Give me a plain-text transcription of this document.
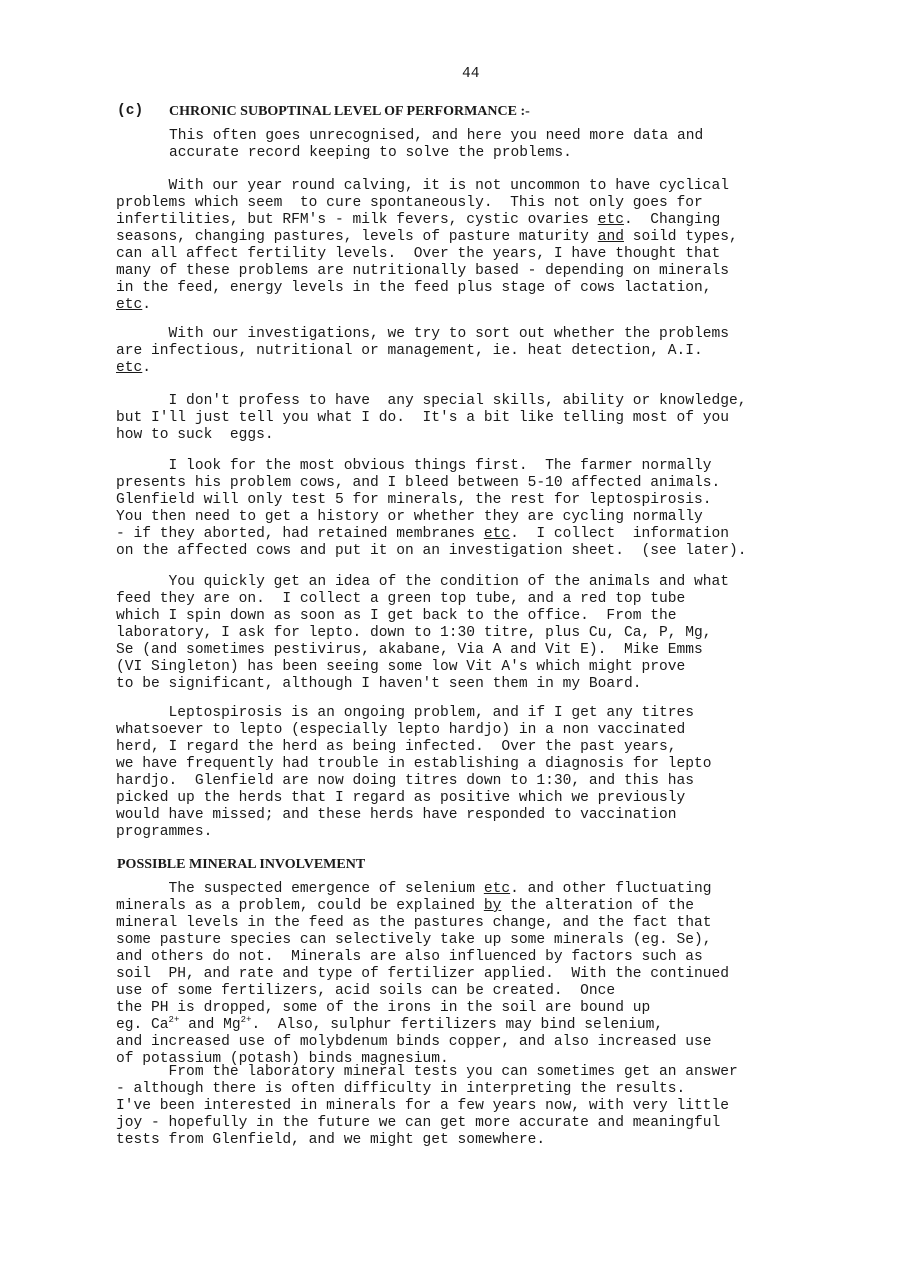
44
(c) CHRONIC SUBOPTINAL LEVEL OF PERFORMANCE :-
This often goes unrecognised, and here you need more data and
accurate record keeping to solve the problems.
With our year round calving, it is not uncommon to have cyclical
problems which seem  to cure spontaneously.  This not only goes for
infertilities, but RFM's - milk fevers, cystic ovaries etc.  Changing
seasons, changing pastures, levels of pasture maturity and soild types,
can all affect fertility levels.  Over the years, I have thought that
many of these problems are nutritionally based - depending on minerals
in the feed, energy levels in the feed plus stage of cows lactation,
etc.
With our investigations, we try to sort out whether the problems
are infectious, nutritional or management, ie. heat detection, A.I.
etc.
I don't profess to have  any special skills, ability or knowledge,
but I'll just tell you what I do.  It's a bit like telling most of you
how to suck  eggs.
I look for the most obvious things first.  The farmer normally
presents his problem cows, and I bleed between 5-10 affected animals.
Glenfield will only test 5 for minerals, the rest for leptospirosis.
You then need to get a history or whether they are cycling normally
- if they aborted, had retained membranes etc.  I collect  information
on the affected cows and put it on an investigation sheet.  (see later).
You quickly get an idea of the condition of the animals and what
feed they are on.  I collect a green top tube, and a red top tube
which I spin down as soon as I get back to the office.  From the
laboratory, I ask for lepto. down to 1:30 titre, plus Cu, Ca, P, Mg,
Se (and sometimes pestivirus, akabane, Via A and Vit E).  Mike Emms
(VI Singleton) has been seeing some low Vit A's which might prove
to be significant, although I haven't seen them in my Board.
Leptospirosis is an ongoing problem, and if I get any titres
whatsoever to lepto (especially lepto hardjo) in a non vaccinated
herd, I regard the herd as being infected.  Over the past years,
we have frequently had trouble in establishing a diagnosis for lepto
hardjo.  Glenfield are now doing titres down to 1:30, and this has
picked up the herds that I regard as positive which we previously
would have missed; and these herds have responded to vaccination
programmes.
POSSIBLE MINERAL INVOLVEMENT
The suspected emergence of selenium etc. and other fluctuating
minerals as a problem, could be explained by the alteration of the
mineral levels in the feed as the pastures change, and the fact that
some pasture species can selectively take up some minerals (eg. Se),
and others do not.  Minerals are also influenced by factors such as
soil  PH, and rate and type of fertilizer applied.  With the continued
use of some fertilizers, acid soils can be created.  Once
the PH is dropped, some of the irons in the soil are bound up
eg. $Ca^{2+}$ and $Mg^{2+}$.  Also, sulphur fertilizers may bind selenium,
and increased use of molybdenum binds copper, and also increased use
of potassium (potash) binds magnesium.
From the laboratory mineral tests you can sometimes get an answer
- although there is often difficulty in interpreting the results.
I've been interested in minerals for a few years now, with very little
joy - hopefully in the future we can get more accurate and meaningful
tests from Glenfield, and we might get somewhere.
